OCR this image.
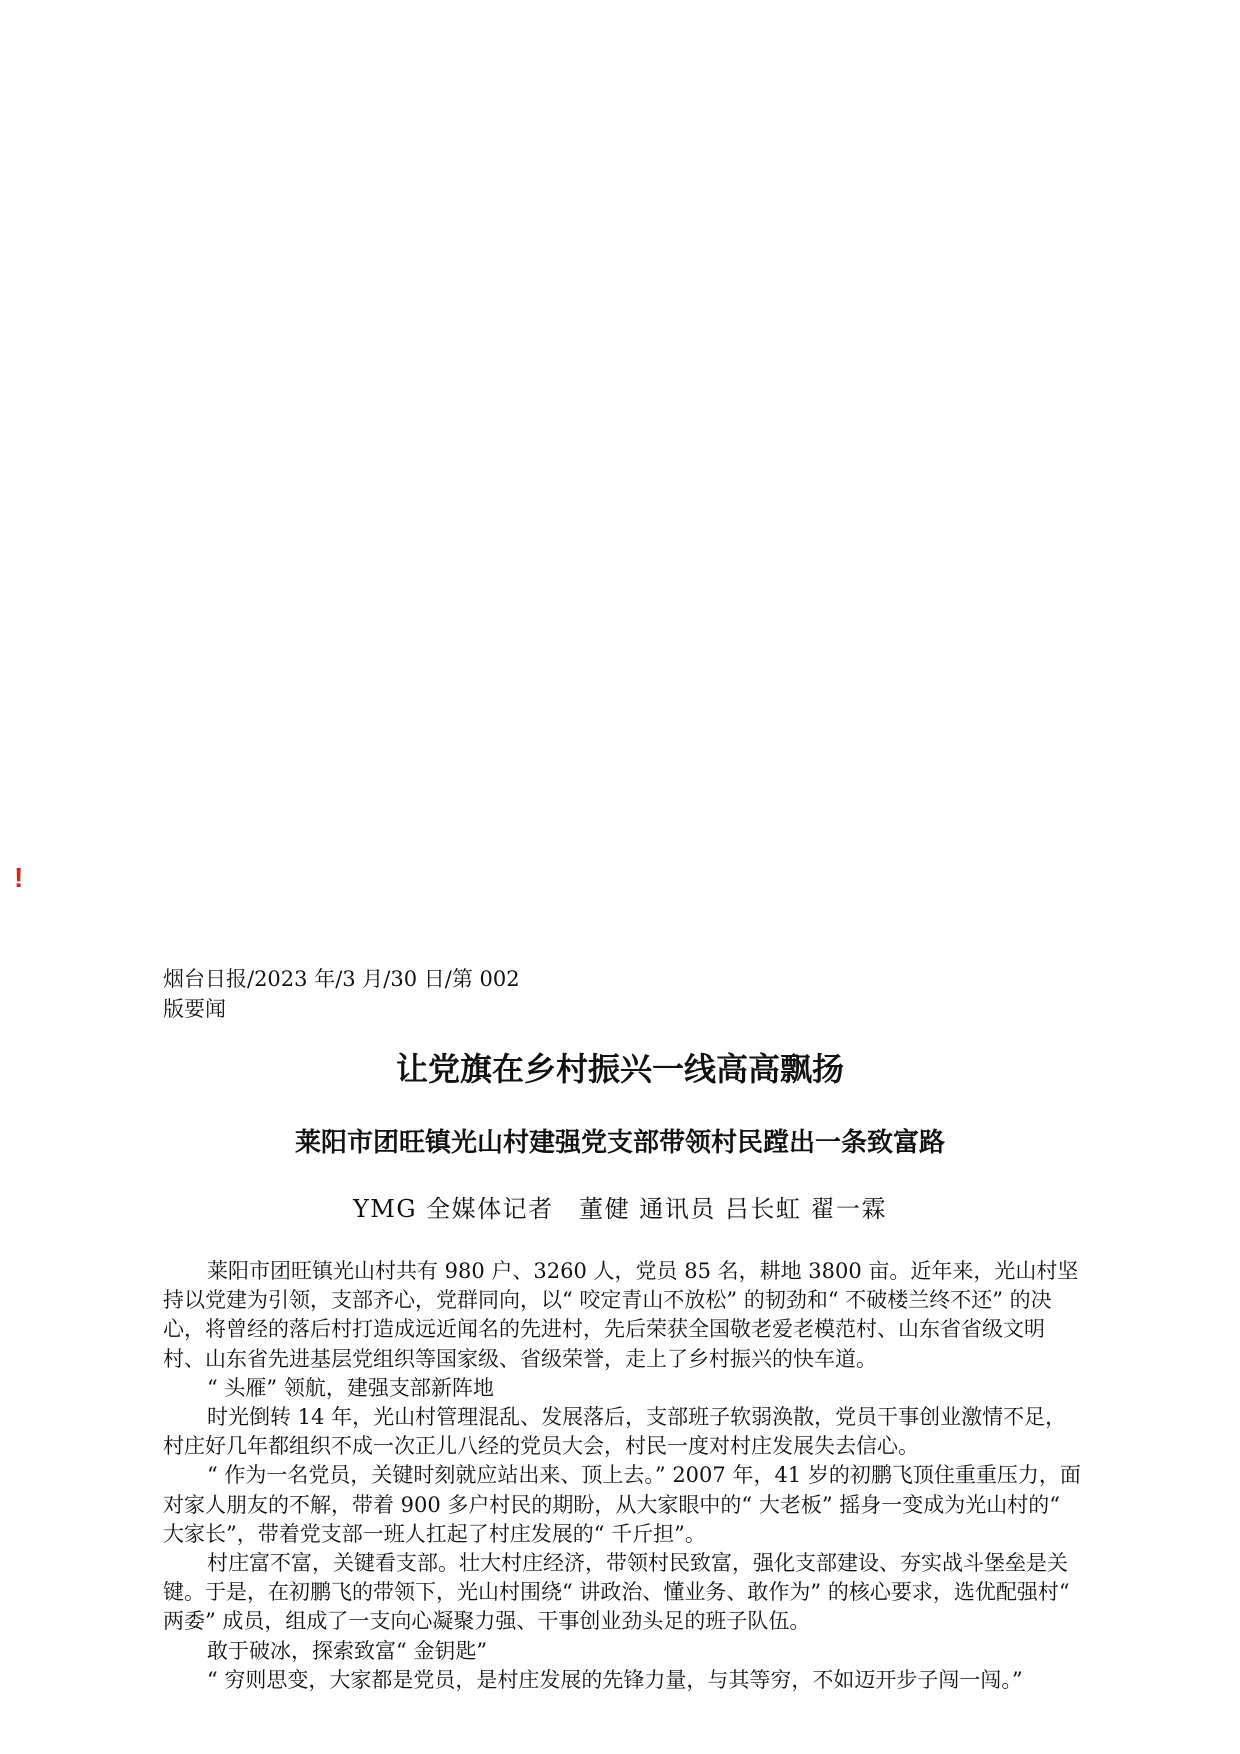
!
烟台日报/2023 年/3 月/30 日/第 002
版要闻
让党旗在乡村振兴一线高高飘扬
莱阳市团旺镇光山村建强党支部带领村民蹚出一条致富路
YMG 全媒体记者　董健 通讯员 吕长虹 翟一霖

莱阳市团旺镇光山村共有 980 户、3260 人，党员 85 名，耕地 3800 亩。近年来，光山村坚持以党建为引领，支部齐心，党群同向，以“ 咬定青山不放松” 的韧劲和“ 不破楼兰终不还” 的决心，将曾经的落后村打造成远近闻名的先进村，先后荣获全国敬老爱老模范村、山东省省级文明村、山东省先进基层党组织等国家级、省级荣誉，走上了乡村振兴的快车道。

“ 头雁” 领航，建强支部新阵地

时光倒转 14 年，光山村管理混乱、发展落后，支部班子软弱涣散，党员干事创业激情不足，村庄好几年都组织不成一次正儿八经的党员大会，村民一度对村庄发展失去信心。

“ 作为一名党员，关键时刻就应站出来、顶上去。” 2007 年，41 岁的初鹏飞顶住重重压力，面对家人朋友的不解，带着 900 多户村民的期盼，从大家眼中的“ 大老板” 摇身一变成为光山村的“ 大家长”，带着党支部一班人扛起了村庄发展的“ 千斤担”。

村庄富不富，关键看支部。壮大村庄经济，带领村民致富，强化支部建设、夯实战斗堡垒是关键。于是，在初鹏飞的带领下，光山村围绕“ 讲政治、懂业务、敢作为” 的核心要求，选优配强村“ 两委” 成员，组成了一支向心凝聚力强、干事创业劲头足的班子队伍。

敢于破冰，探索致富“ 金钥匙”

“ 穷则思变，大家都是党员，是村庄发展的先锋力量，与其等穷，不如迈开步子闯一闯。”
